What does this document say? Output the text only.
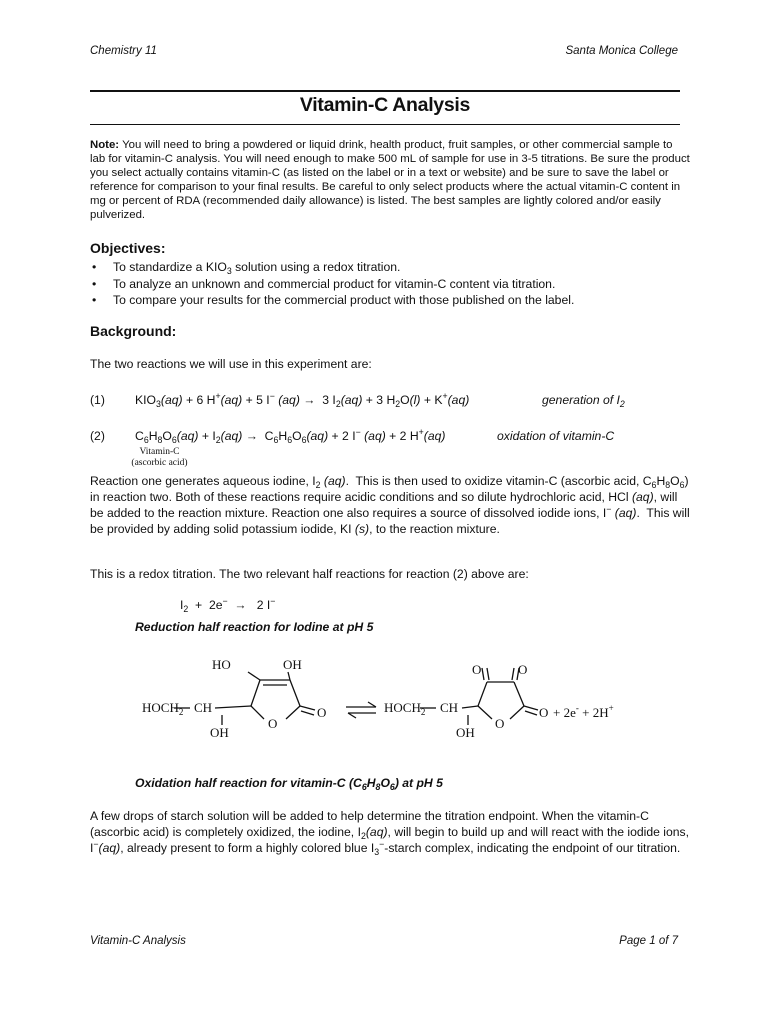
Chemistry 11	Santa Monica College
Vitamin-C Analysis
Note: You will need to bring a powdered or liquid drink, health product, fruit samples, or other commercial sample to lab for vitamin-C analysis. You will need enough to make 500 mL of sample for use in 3-5 titrations. Be sure the product you select actually contains vitamin-C (as listed on the label or in a text or website) and be sure to save the label or reference for comparison to your final results. Be careful to only select products where the actual vitamin-C content in mg or percent of RDA (recommended daily allowance) is listed. The best samples are lightly colored and/or easily pulverized.
Objectives:
• To standardize a $KIO_3$ solution using a redox titration.
• To analyze an unknown and commercial product for vitamin-C content via titration.
• To compare your results for the commercial product with those published on the label.
Background:
The two reactions we will use in this experiment are:
(1) $KIO_3(aq) + 6$ H+(aq) + 5 I− (aq) →  3 $I_2(aq) + 3$ $H_2O(l) + K^+(aq)$	generation of $I_2$
(2) $C_6H_8O_6(aq) + I_2(aq) \to C_6H_6O_6(aq) + 2$ I− (aq) + 2 H+(aq)	oxidation of vitamin-C
Vitamin-C
(ascorbic acid)
Reaction one generates aqueous iodine, $I_2$ (aq).  This is then used to oxidize vitamin-C (ascorbic acid, $C_6H_8O_6$) in reaction two. Both of these reactions require acidic conditions and so dilute hydrochloric acid, HCl (aq), will be added to the reaction mixture. Reaction one also requires a source of dissolved iodide ions, I− (aq).  This will be provided by adding solid potassium iodide, KI (s), to the reaction mixture.
This is a redox titration. The two relevant half reactions for reaction (2) above are:
$I_2 + 2e^- \to 2$ I−
Reduction half reaction for Iodine at pH 5
HO	OH
$HOCH_2$ CH
O
O
OH
O	O
$HOCH_2$ CH
O
O
OH
+ 2e- + 2H+
Oxidation half reaction for vitamin-C $(C_6H_8O_6)$ at pH 5
A few drops of starch solution will be added to help determine the titration endpoint. When the vitamin-C (ascorbic acid) is completely oxidized, the iodine, $I_2(aq)$, will begin to build up and will react with the iodide ions, I−(aq), already present to form a highly colored blue $I_3^-$-starch complex, indicating the endpoint of our titration.
Vitamin-C Analysis	Page 1 of 7
